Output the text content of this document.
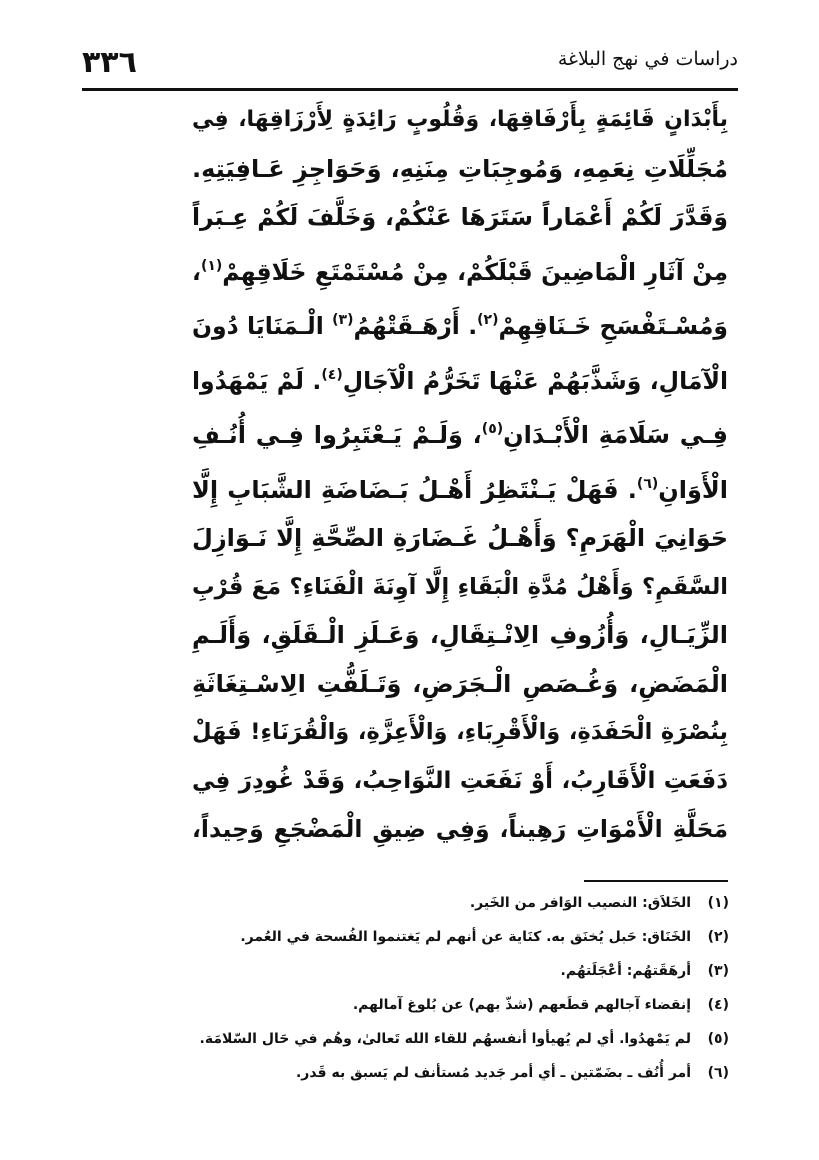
٣٣٦	دراسات في نهج البلاغة
بِأَبْدَانٍ قَائِمَةٍ بِأَرْفَاقِهَا، وَقُلُوبٍ رَائِدَةٍ لِأَرْزَاقِهَا، فِي
مُجَلِّلَاتِ نِعَمِهِ، وَمُوجِبَاتِ مِنَنِهِ، وَحَوَاجِزِ عَـافِيَتِهِ.
وَقَدَّرَ لَكُمْ أَعْمَاراً سَتَرَهَا عَنْكُمْ، وَخَلَّفَ لَكُمْ عِـبَراً
مِنْ آثَارِ الْمَاضِينَ قَبْلَكُمْ، مِنْ مُسْتَمْتَعِ خَلَاقِهِمْ$^{(١)}$،
وَمُسْـتَفْسَحِ خَـنَاقِهِمْ$^{(٢)}$. أَرْهَـقَتْهُمُ$^{(٣)}$ الْـمَنَايَا دُونَ
الْآمَالِ، وَشَذَّبَهُمْ عَنْهَا تَخَرُّمُ الْآجَالِ$^{(٤)}$. لَمْ يَمْهَدُوا
فِـي سَلَامَةِ الْأَبْـدَانِ$^{(٥)}$، وَلَـمْ يَـعْتَبِرُوا فِـي أُنُـفِ
الْأَوَانِ$^{(٦)}$. فَهَلْ يَـنْتَظِرُ أَهْـلُ بَـضَاضَةِ الشَّبَابِ إِلَّا
حَوَانِيَ الْهَرَمِ؟ وَأَهْـلُ غَـضَارَةِ الصِّحَّةِ إِلَّا نَـوَازِلَ
السَّقَمِ؟ وَأَهْلُ مُدَّةِ الْبَقَاءِ إِلَّا آوِنَةَ الْفَنَاءِ؟ مَعَ قُرْبِ
الزِّيَـالِ، وَأُزُوفِ الِانْـتِقَالِ، وَعَـلَزِ الْـقَلَقِ، وَأَلَـمِ
الْمَضَضِ، وَغُـصَصِ الْـجَرَضِ، وَتَـلَفُّتِ الِاسْـتِغَاثَةِ
بِنُصْرَةِ الْحَفَدَةِ، وَالْأَقْرِبَاءِ، وَالْأَعِزَّةِ، وَالْقُرَنَاءِ! فَهَلْ
دَفَعَتِ الْأَقَارِبُ، أَوْ نَفَعَتِ النَّوَاحِبُ، وَقَدْ غُودِرَ فِي
مَحَلَّةِ الْأَمْوَاتِ رَهِيناً، وَفِي ضِيقِ الْمَضْجَعِ وَحِيداً،
(١)
الخَلاَق: النصيب الوَافر من الخَير.
(٢)
الخَنَاق: حَبل يُخنَق به. كنَاية عن أنهم لم يَغتنموا الفُسحة في العُمر.
(٣)
أرهَقَتهُم: أعْجَلَتهُم.
(٤)
إنقضاء آجالهم قطَعهم (شذّ بهم) عن بُلوغ آمالهم.
(٥)
لم يَمْهدُوا. أي لم يُهيأوا أنفسهُم للقاء الله تَعالىٰ، وهُم في حَال السّلامَة.
(٦)
أمر أُنُف ـ بضَمّتين ـ أي أمر جَديد مُستأنف لم يَسبق به قَدر.
